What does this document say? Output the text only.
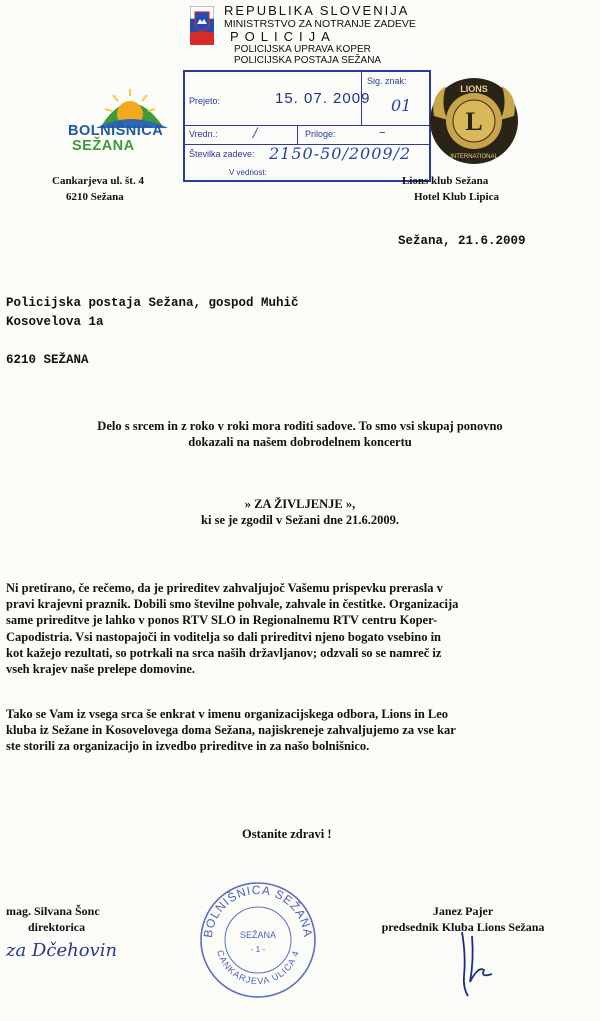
REPUBLIKA SLOVENIJA
MINISTRSTVO ZA NOTRANJE ZADEVE
POLICIJA
POLICIJSKA UPRAVA KOPER
POLICIJSKA POSTAJA SEŽANA
BOLNIŠNICA
SEŽANA
Prejeto:	15. 07. 2009
Sig. znak:
01
Vredn.:	/	Priloge:	–
Številka zadeve: 2150-50/2009/2
V vednost:
L
LIONS
INTERNATIONAL
Cankarjeva ul. št. 4
6210 Sežana
Lions klub Sežana
Hotel Klub Lipica
Sežana, 21.6.2009
Policijska postaja Sežana, gospod Muhič
Kosovelova 1a
6210 SEŽANA
Delo s srcem in z roko v roki mora roditi sadove. To smo vsi skupaj ponovno
dokazali na našem dobrodelnem koncertu
» ZA ŽIVLJENJE »,
ki se je zgodil v Sežani dne 21.6.2009.
Ni pretirano, če rečemo, da je prireditev zahvaljujoč Vašemu prispevku prerasla v
pravi krajevni praznik. Dobili smo številne pohvale, zahvale in čestitke. Organizacija
same prireditve je lahko v ponos RTV SLO in Regionalnemu RTV centru Koper-
Capodistria. Vsi nastopajoči in voditelja so dali prireditvi njeno bogato vsebino in
kot kažejo rezultati, so potrkali na srca naših državljanov; odzvali so se namreč iz
vseh krajev naše prelepe domovine.
Tako se Vam iz vsega srca še enkrat v imenu organizacijskega odbora, Lions in Leo
kluba iz Sežane in Kosovelovega doma Sežana, najiskreneje zahvaljujemo za vse kar
ste storili za organizacijo in izvedbo prireditve in za našo bolnišnico.
Ostanite zdravi !
mag. Silvana Šonc
direktorica
za Dčehovin
BOLNIŠNICA SEŽANA
CANKARJEVA ULICA 4
SEŽANA
- 1 -
Janez Pajer
predsednik Kluba Lions Sežana
